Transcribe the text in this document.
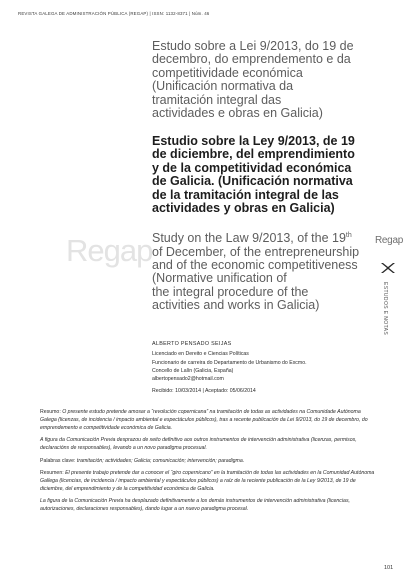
REVISTA GALEGA DE ADMINISTRACIÓN PÚBLICA (REGAP) | ISSN: 1132-8371 | Núm. 46
Regap	Regap
ESTUDOS E NOTAS
Estudo sobre a Lei 9/2013, do 19 de
decembro, do emprendemento e da
competitividade económica
(Unificación normativa da
tramitación integral das
actividades e obras en Galicia)
Estudio sobre la Ley 9/2013, de 19
de diciembre, del emprendimiento
y de la competitividad económica
de Galicia. (Unificación normativa
de la tramitación integral de las
actividades y obras en Galicia)
Study on the Law 9/2013, of the 19th
of December, of the entrepreneurship
and of the economic competitiveness
(Normative unification of
the integral procedure of the
activities and works in Galicia)
ALBERTO PENSADO SEIJAS
Licenciado en Dereito e Ciencias Políticas
Funcionario de carreira do Departamento de Urbanismo do Excmo.
Concello de Lalín (Galicia, España)
albertopensado2@hotmail.com
Recibido: 10/03/2014 | Aceptado: 05/06/2014

Resumo: O presente estudo pretende amosar a “revolución copernicana” na tramitación de todas as actividades na Comunidade Autónoma Galega (licenzas, de incidencia / impacto ambiental e espectáculos públicos), tras a recente publicación da Lei 9/2013, do 19 de decembro, do emprendemento e competitividade económica de Galicia.

A figura da Comunicación Previa desprazou de xeito definitivo aos outros instrumentos de intervención administrativa (licenzas, permisos, declaracións de responsables), levando a un novo paradigma procesual.

Palabras clave: tramitación; actividades; Galicia; comunicación; intervención; paradigma.

Resumen: El presente trabajo pretende dar a conocer el “giro copernicano” en la tramitación de todas las actividades en la Comunidad Autónoma Gallega (licencias, de incidencia / impacto ambiental y espectáculos públicos) a raíz de la reciente publicación de la Ley 9/2013, de 19 de diciembre, del emprendimiento y de la competitividad económica de Galicia.

La figura de la Comunicación Previa ha desplazado definitivamente a los demás instrumentos de intervención administrativa (licencias, autorizaciones, declaraciones responsables), dando lugar a un nuevo paradigma procesal.

101
